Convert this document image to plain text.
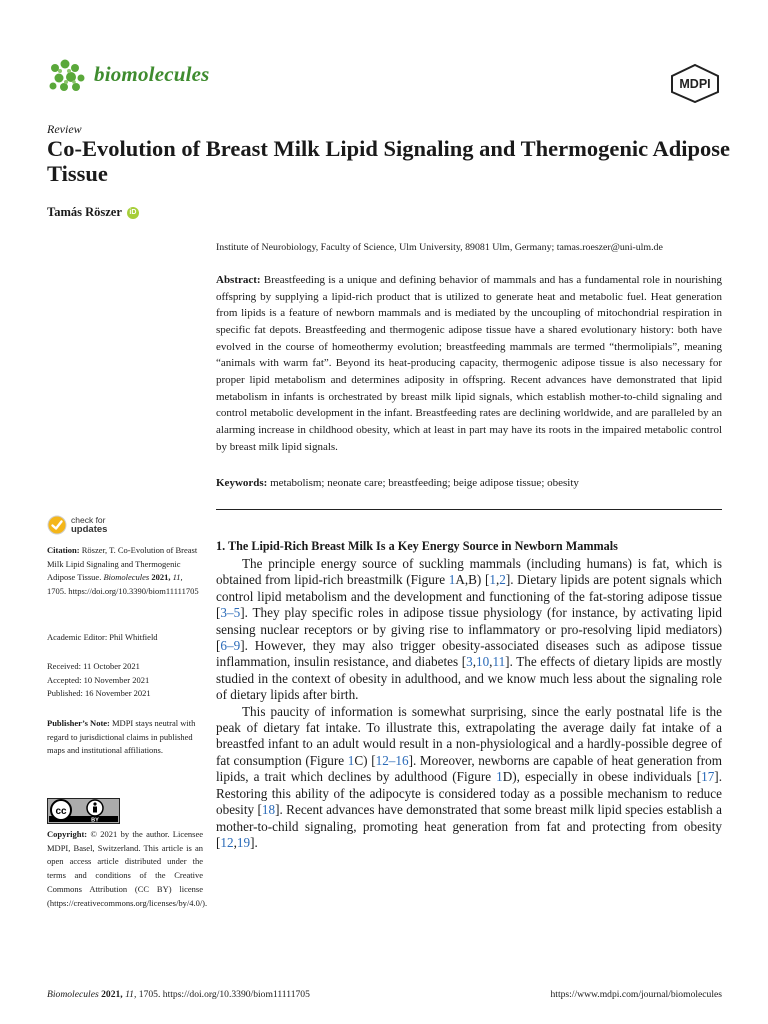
biomolecules	MDPI
Review
Co-Evolution of Breast Milk Lipid Signaling and Thermogenic Adipose Tissue
Tamás Röszer	iD
Institute of Neurobiology, Faculty of Science, Ulm University, 89081 Ulm, Germany; tamas.roeszer@uni-ulm.de
Abstract: Breastfeeding is a unique and defining behavior of mammals and has a fundamental role in nourishing offspring by supplying a lipid-rich product that is utilized to generate heat and metabolic fuel. Heat generation from lipids is a feature of newborn mammals and is mediated by the uncoupling of mitochondrial respiration in specific fat depots. Breastfeeding and thermogenic adipose tissue have a shared evolutionary history: both have evolved in the course of homeothermy evolution; breastfeeding mammals are termed “thermolipials”, meaning “animals with warm fat”. Beyond its heat-producing capacity, thermogenic adipose tissue is also necessary for proper lipid metabolism and determines adiposity in offspring. Recent advances have demonstrated that lipid metabolism in infants is orchestrated by breast milk lipid signals, which establish mother-to-child signaling and control metabolic development in the infant. Breastfeeding rates are declining worldwide, and are paralleled by an alarming increase in childhood obesity, which at least in part may have its roots in the impaired metabolic control by breast milk lipid signals.
Keywords: metabolism; neonate care; breastfeeding; beige adipose tissue; obesity
check for
updates
Citation: Röszer, T. Co-Evolution of Breast Milk Lipid Signaling and Thermogenic Adipose Tissue. Biomolecules 2021, 11, 1705. https://doi.org/10.3390/biom11111705
Academic Editor: Phil Whitfield
Received: 11 October 2021
Accepted: 10 November 2021
Published: 16 November 2021
Publisher’s Note: MDPI stays neutral with regard to jurisdictional claims in published maps and institutional affiliations.
cc
BY
Copyright: © 2021 by the author. Licensee MDPI, Basel, Switzerland. This article is an open access article distributed under the terms and conditions of the Creative Commons Attribution (CC BY) license (https://creativecommons.org/licenses/by/4.0/).
1. The Lipid-Rich Breast Milk Is a Key Energy Source in Newborn Mammals

The principle energy source of suckling mammals (including humans) is fat, which is obtained from lipid-rich breastmilk (Figure 1A,B) [1,2]. Dietary lipids are potent signals which control lipid metabolism and the development and functioning of the fat-storing adipose tissue [3–5]. They play specific roles in adipose tissue physiology (for instance, by activating lipid sensing nuclear receptors or by giving rise to inflammatory or pro-resolving lipid mediators) [6–9]. However, they may also trigger obesity-associated diseases such as adipose tissue inflammation, insulin resistance, and diabetes [3,10,11]. The effects of dietary lipids are mostly studied in the context of obesity in adulthood, and we know much less about the signaling role of dietary lipids after birth.

This paucity of information is somewhat surprising, since the early postnatal life is the peak of dietary fat intake. To illustrate this, extrapolating the average daily fat intake of a breastfed infant to an adult would result in a non-physiological and a hardly-possible degree of fat consumption (Figure 1C) [12–16]. Moreover, newborns are capable of heat generation from lipids, a trait which declines by adulthood (Figure 1D), especially in obese individuals [17]. Restoring this ability of the adipocyte is considered today as a possible mechanism to reduce obesity [18]. Recent advances have demonstrated that some breast milk lipid species establish a mother-to-child signaling, promoting heat generation from fat and protecting from obesity [12,19].

Biomolecules 2021, 11, 1705. https://doi.org/10.3390/biom11111705	https://www.mdpi.com/journal/biomolecules
